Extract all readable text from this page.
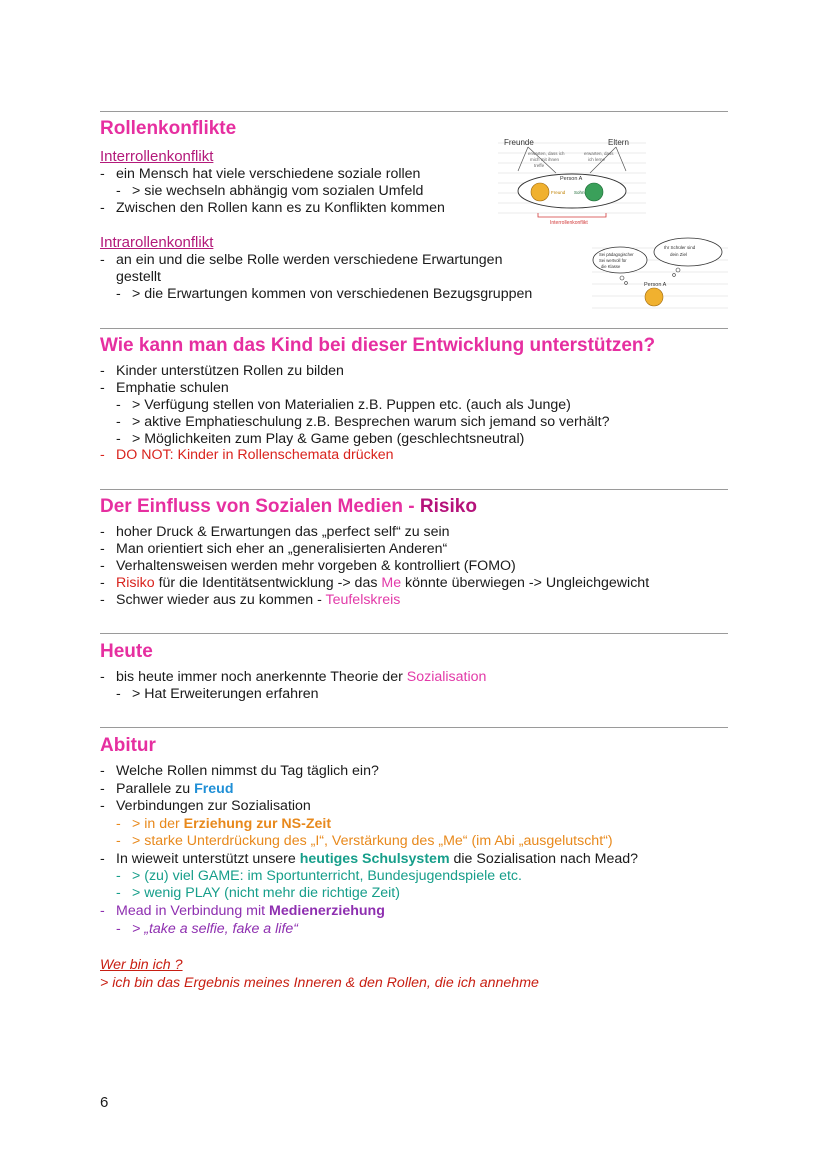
Rollenkonflikte
Interrollenkonflikt
- ein Mensch hat viele verschiedene soziale rollen
- > sie wechseln abhängig vom sozialen Umfeld
- Zwischen den Rollen kann es zu Konflikten kommen
Freunde	Eltern
erwarten, dass ich
mich mit ihnen
treffe
erwarten, dass
ich lerne
Person A
Freund Sohn
Interrollenkonflikt
Intrarollenkonflikt
- an ein und die selbe Rolle werden verschiedene Erwartungen
gestellt
- > die Erwartungen kommen von verschiedenen Bezugsgruppen
Sei pädagogischer
Sei wertvoll für
die Klasse
Ihr Schüler sind
dein Ziel
Person A
Wie kann man das Kind bei dieser Entwicklung unterstützen?
- Kinder unterstützen Rollen zu bilden
- Emphatie schulen
- > Verfügung stellen von Materialien z.B. Puppen etc. (auch als Junge)
- > aktive Emphatieschulung z.B. Besprechen warum sich jemand so verhält?
- > Möglichkeiten zum Play & Game geben (geschlechtsneutral)
- DO NOT: Kinder in Rollenschemata drücken
Der Einfluss von Sozialen Medien - Risiko
- hoher Druck & Erwartungen das „perfect self“ zu sein
- Man orientiert sich eher an „generalisierten Anderen“
- Verhaltensweisen werden mehr vorgeben & kontrolliert (FOMO)
- Risiko für die Identitätsentwicklung -> das Me könnte überwiegen -> Ungleichgewicht
- Schwer wieder aus zu kommen - Teufelskreis
Heute
- bis heute immer noch anerkennte Theorie der Sozialisation
- > Hat Erweiterungen erfahren
Abitur
- Welche Rollen nimmst du Tag täglich ein?
- Parallele zu Freud
- Verbindungen zur Sozialisation
- > in der Erziehung zur NS-Zeit
- > starke Unterdrückung des „I“, Verstärkung des „Me“ (im Abi „ausgelutscht“)
- In wieweit unterstützt unsere heutiges Schulsystem die Sozialisation nach Mead?
- > (zu) viel GAME: im Sportunterricht, Bundesjugendspiele etc.
- > wenig PLAY (nicht mehr die richtige Zeit)
- Mead in Verbindung mit Medienerziehung
- > „take a selfie, fake a life“
Wer bin ich ?
> ich bin das Ergebnis meines Inneren & den Rollen, die ich annehme
6
